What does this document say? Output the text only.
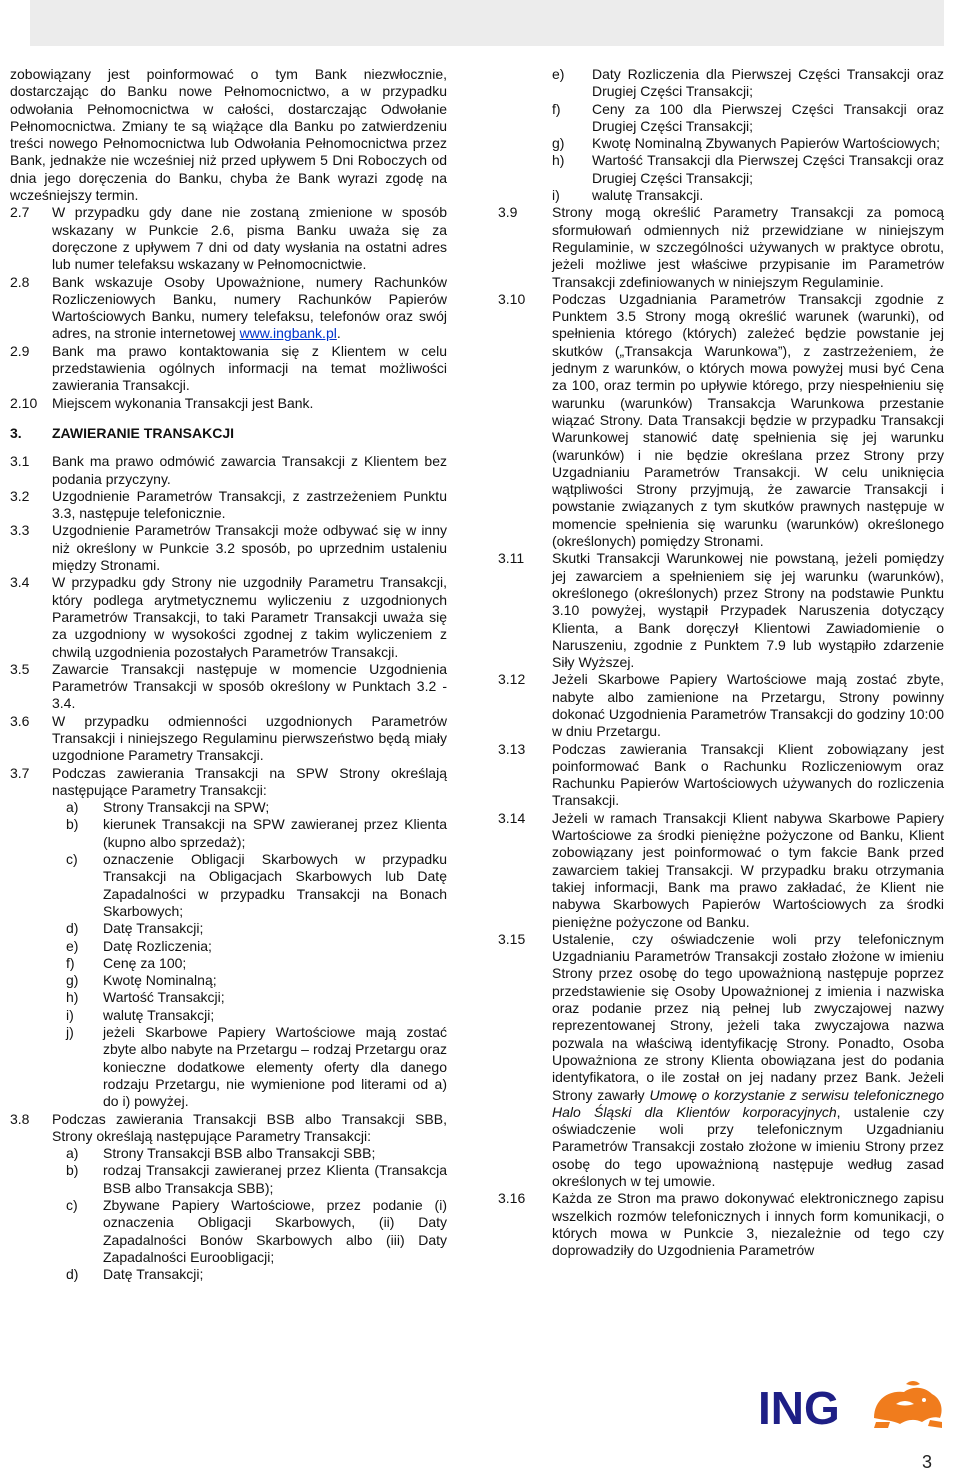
zobowiązany jest poinformować o tym Bank niezwłocznie, dostarczając do Banku nowe Pełnomocnictwo, a w przypadku odwołania Pełnomocnictwa w całości, dostarczając Odwołanie Pełnomocnictwa. Zmiany te są wiążące dla Banku po zatwierdzeniu treści nowego Pełnomocnictwa lub Odwołania Pełnomocnictwa przez Bank, jednakże nie wcześniej niż przed upływem 5 Dni Roboczych od dnia jego doręczenia do Banku, chyba że Bank wyrazi zgodę na wcześniejszy termin.
2.7	W przypadku gdy dane nie zostaną zmienione w sposób wskazany w Punkcie 2.6, pisma Banku uważa się za doręczone z upływem 7 dni od daty wysłania na ostatni adres lub numer telefaksu wskazany w Pełnomocnictwie.
2.8	Bank wskazuje Osoby Upoważnione, numery Rachunków Rozliczeniowych Banku, numery Rachunków Papierów Wartościowych Banku, numery telefaksu, telefonów oraz swój adres, na stronie internetowej www.ingbank.pl.
2.9	Bank ma prawo kontaktowania się z Klientem w celu przedstawienia ogólnych informacji na temat możliwości zawierania Transakcji.
2.10	Miejscem wykonania Transakcji jest Bank.
3.	ZAWIERANIE TRANSAKCJI
3.1	Bank ma prawo odmówić zawarcia Transakcji z Klientem bez podania przyczyny.
3.2	Uzgodnienie Parametrów Transakcji, z zastrzeżeniem Punktu 3.3, następuje telefonicznie.
3.3	Uzgodnienie Parametrów Transakcji może odbywać się w inny niż określony w Punkcie 3.2 sposób, po uprzednim ustaleniu między Stronami.
3.4	W przypadku gdy Strony nie uzgodniły Parametru Transakcji, który podlega arytmetycznemu wyliczeniu z uzgodnionych Parametrów Transakcji, to taki Parametr Transakcji uważa się za uzgodniony w wysokości zgodnej z takim wyliczeniem z chwilą uzgodnienia pozostałych Parametrów Transakcji.
3.5	Zawarcie Transakcji następuje w momencie Uzgodnienia Parametrów Transakcji w sposób określony w Punktach 3.2 - 3.4.
3.6	W przypadku odmienności uzgodnionych Parametrów Transakcji i niniejszego Regulaminu pierwszeństwo będą miały uzgodnione Parametry Transakcji.
3.7	Podczas zawierania Transakcji na SPW Strony określają następujące Parametry Transakcji:
a)	Strony Transakcji na SPW;
b)	kierunek Transakcji na SPW zawieranej przez Klienta (kupno albo sprzedaż);
c)	oznaczenie Obligacji Skarbowych w przypadku Transakcji na Obligacjach Skarbowych lub Datę Zapadalności w przypadku Transakcji na Bonach Skarbowych;
d)	Datę Transakcji;
e)	Datę Rozliczenia;
f)	Cenę za 100;
g)	Kwotę Nominalną;
h)	Wartość Transakcji;
i)	walutę Transakcji;
j)	jeżeli Skarbowe Papiery Wartościowe mają zostać zbyte albo nabyte na Przetargu – rodzaj Przetargu oraz konieczne dodatkowe elementy oferty dla danego rodzaju Przetargu, nie wymienione pod literami od a) do i) powyżej.
3.8	Podczas zawierania Transakcji BSB albo Transakcji SBB, Strony określają następujące Parametry Transakcji:
a)	Strony Transakcji BSB albo Transakcji SBB;
b)	rodzaj Transakcji zawieranej przez Klienta (Transakcja BSB albo Transakcja SBB);
c)	Zbywane Papiery Wartościowe, przez podanie (i) oznaczenia Obligacji Skarbowych, (ii) Daty Zapadalności Bonów Skarbowych albo (iii) Daty Zapadalności Euroobligacji;
d)	Datę Transakcji;
e)	Daty Rozliczenia dla Pierwszej Części Transakcji oraz Drugiej Części Transakcji;
f)	Ceny za 100 dla Pierwszej Części Transakcji oraz Drugiej Części Transakcji;
g)	Kwotę Nominalną Zbywanych Papierów Wartościowych;
h)	Wartość Transakcji dla Pierwszej Części Transakcji oraz Drugiej Części Transakcji;
i)	walutę Transakcji.
3.9	Strony mogą określić Parametry Transakcji za pomocą sformułowań odmiennych niż przewidziane w niniejszym Regulaminie, w szczególności używanych w praktyce obrotu, jeżeli możliwe jest właściwe przypisanie im Parametrów Transakcji zdefiniowanych w niniejszym Regulaminie.
3.10	Podczas Uzgadniania Parametrów Transakcji zgodnie z Punktem 3.5 Strony mogą określić warunek (warunki), od spełnienia którego (których) zależeć będzie powstanie jej skutków („Transakcja Warunkowa”), z zastrzeżeniem, że jednym z warunków, o których mowa powyżej musi być Cena za 100, oraz termin po upływie którego, przy niespełnieniu się warunku (warunków) Transakcja Warunkowa przestanie wiązać Strony. Data Transakcji będzie w przypadku Transakcji Warunkowej stanowić datę spełnienia się jej warunku (warunków) i nie będzie określana przez Strony przy Uzgadnianiu Parametrów Transakcji. W celu uniknięcia wątpliwości Strony przyjmują, że zawarcie Transakcji i powstanie związanych z tym skutków prawnych następuje w momencie spełnienia się warunku (warunków) określonego (określonych) pomiędzy Stronami.
3.11	Skutki Transakcji Warunkowej nie powstaną, jeżeli pomiędzy jej zawarciem a spełnieniem się jej warunku (warunków), określonego (określonych) przez Strony na podstawie Punktu 3.10 powyżej, wystąpił Przypadek Naruszenia dotyczący Klienta, a Bank doręczył Klientowi Zawiadomienie o Naruszeniu, zgodnie z Punktem 7.9 lub wystąpiło zdarzenie Siły Wyższej.
3.12	Jeżeli Skarbowe Papiery Wartościowe mają zostać zbyte, nabyte albo zamienione na Przetargu, Strony powinny dokonać Uzgodnienia Parametrów Transakcji do godziny 10:00 w dniu Przetargu.
3.13	Podczas zawierania Transakcji Klient zobowiązany jest poinformować Bank o Rachunku Rozliczeniowym oraz Rachunku Papierów Wartościowych używanych do rozliczenia Transakcji.
3.14	Jeżeli w ramach Transakcji Klient nabywa Skarbowe Papiery Wartościowe za środki pieniężne pożyczone od Banku, Klient zobowiązany jest poinformować o tym fakcie Bank przed zawarciem takiej Transakcji. W przypadku braku otrzymania takiej informacji, Bank ma prawo zakładać, że Klient nie nabywa Skarbowych Papierów Wartościowych za środki pieniężne pożyczone od Banku.
3.15	Ustalenie, czy oświadczenie woli przy telefonicznym Uzgadnianiu Parametrów Transakcji zostało złożone w imieniu Strony przez osobę do tego upoważnioną następuje poprzez przedstawienie się Osoby Upoważnionej z imienia i nazwiska oraz podanie przez nią pełnej lub zwyczajowej nazwy reprezentowanej Strony, jeżeli taka zwyczajowa nazwa pozwala na właściwą identyfikację Strony. Ponadto, Osoba Upoważniona ze strony Klienta obowiązana jest do podania identyfikatora, o ile został on jej nadany przez Bank. Jeżeli Strony zawarły Umowę o korzystanie z serwisu telefonicznego Halo Śląski dla Klientów korporacyjnych, ustalenie czy oświadczenie woli przy telefonicznym Uzgadnianiu Parametrów Transakcji zostało złożone w imieniu Strony przez osobę do tego upoważnioną następuje według zasad określonych w tej umowie.
3.16	Każda ze Stron ma prawo dokonywać elektronicznego zapisu wszelkich rozmów telefonicznych i innych form komunikacji, o których mowa w Punkcie 3, niezależnie od tego czy doprowadziły do Uzgodnienia Parametrów
ING
3
